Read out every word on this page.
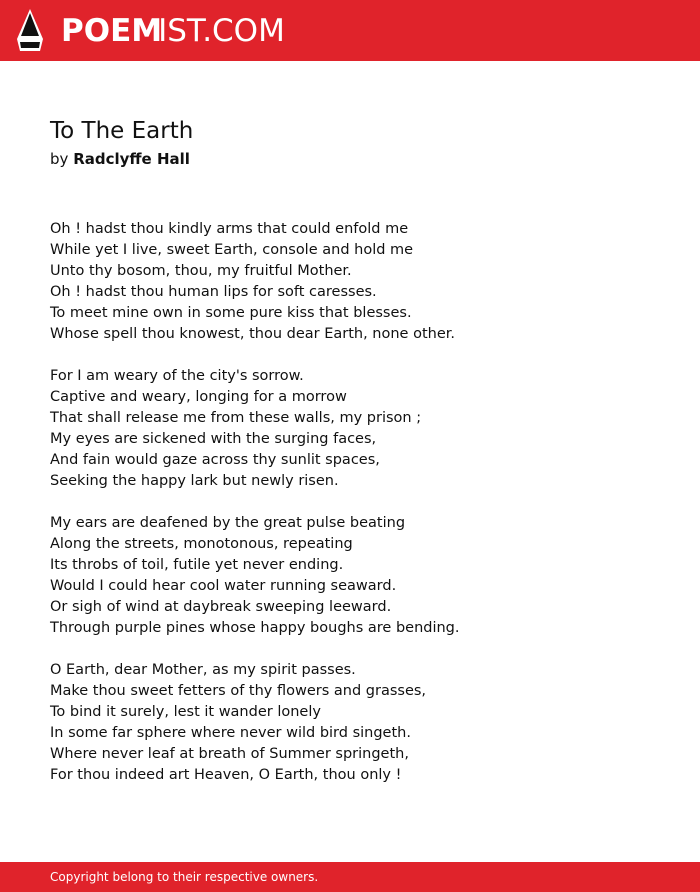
POEMIST.COM
To The Earth
by Radclyffe Hall
Oh ! hadst thou kindly arms that could enfold me
While yet I live, sweet Earth, console and hold me
Unto thy bosom, thou, my fruitful Mother.
Oh ! hadst thou human lips for soft caresses.
To meet mine own in some pure kiss that blesses.
Whose spell thou knowest, thou dear Earth, none other.
For I am weary of the city's sorrow.
Captive and weary, longing for a morrow
That shall release me from these walls, my prison ;
My eyes are sickened with the surging faces,
And fain would gaze across thy sunlit spaces,
Seeking the happy lark but newly risen.
My ears are deafened by the great pulse beating
Along the streets, monotonous, repeating
Its throbs of toil, futile yet never ending.
Would I could hear cool water running seaward.
Or sigh of wind at daybreak sweeping leeward.
Through purple pines whose happy boughs are bending.
O Earth, dear Mother, as my spirit passes.
Make thou sweet fetters of thy flowers and grasses,
To bind it surely, lest it wander lonely
In some far sphere where never wild bird singeth.
Where never leaf at breath of Summer springeth,
For thou indeed art Heaven, O Earth, thou only !
Copyright belong to their respective owners.
